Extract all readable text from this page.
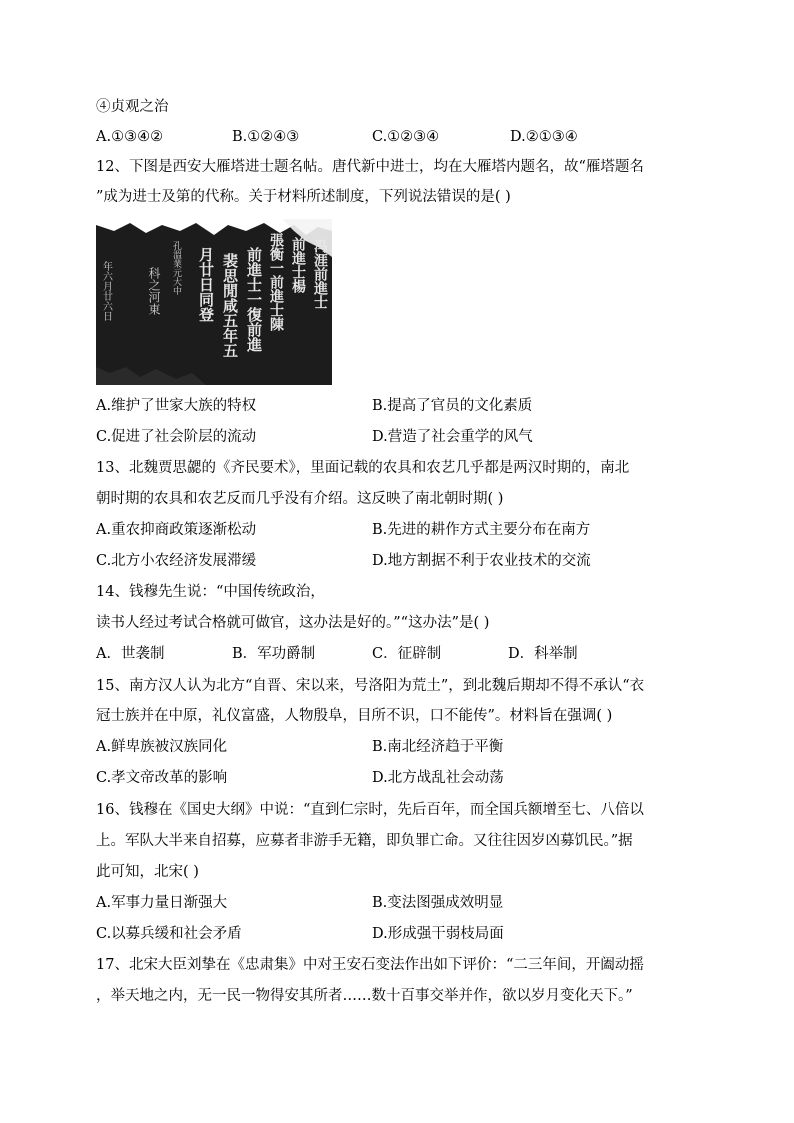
④贞观之治
A.①③④②	B.①②④③	C.①②③④	D.②①③④
12、下图是西安大雁塔进士题名帖。唐代新中进士，均在大雁塔内题名，故“雁塔题名
”成为进士及第的代称。关于材料所述制度，下列说法错误的是( )
冯涯前進士
前進士楊
張衡一前進士陳
前進士一復前進
裴思閒咸五年五
月廿日同登
孔溫業元大中
科之河東
年六月廿六日
A.维护了世家大族的特权	B.提高了官员的文化素质
C.促进了社会阶层的流动	D.营造了社会重学的风气
13、北魏贾思勰的《齐民要术》，里面记载的农具和农艺几乎都是两汉时期的，南北
朝时期的农具和农艺反而几乎没有介绍。这反映了南北朝时期( )
A.重农抑商政策逐渐松动	B.先进的耕作方式主要分布在南方
C.北方小农经济发展滞缓	D.地方割据不利于农业技术的交流
14、钱穆先生说：“中国传统政治，
读书人经过考试合格就可做官，这办法是好的。”“这办法”是( )
A．世袭制	B．军功爵制	C．征辟制	D．科举制
15、南方汉人认为北方“自晋、宋以来，号洛阳为荒土”，到北魏后期却不得不承认“衣
冠士族并在中原，礼仪富盛，人物殷阜，目所不识，口不能传”。材料旨在强调( )
A.鲜卑族被汉族同化	B.南北经济趋于平衡
C.孝文帝改革的影响	D.北方战乱社会动荡
16、钱穆在《国史大纲》中说：“直到仁宗时，先后百年，而全国兵额增至七、八倍以
上。军队大半来自招募，应募者非游手无籍，即负罪亡命。又往往因岁凶募饥民。”据
此可知，北宋( )
A.军事力量日渐强大	B.变法图强成效明显
C.以募兵缓和社会矛盾	D.形成强干弱枝局面
17、北宋大臣刘挚在《忠肃集》中对王安石变法作出如下评价：“二三年间，开阖动摇
，举天地之内，无一民一物得安其所者……数十百事交举并作，欲以岁月变化天下。”
